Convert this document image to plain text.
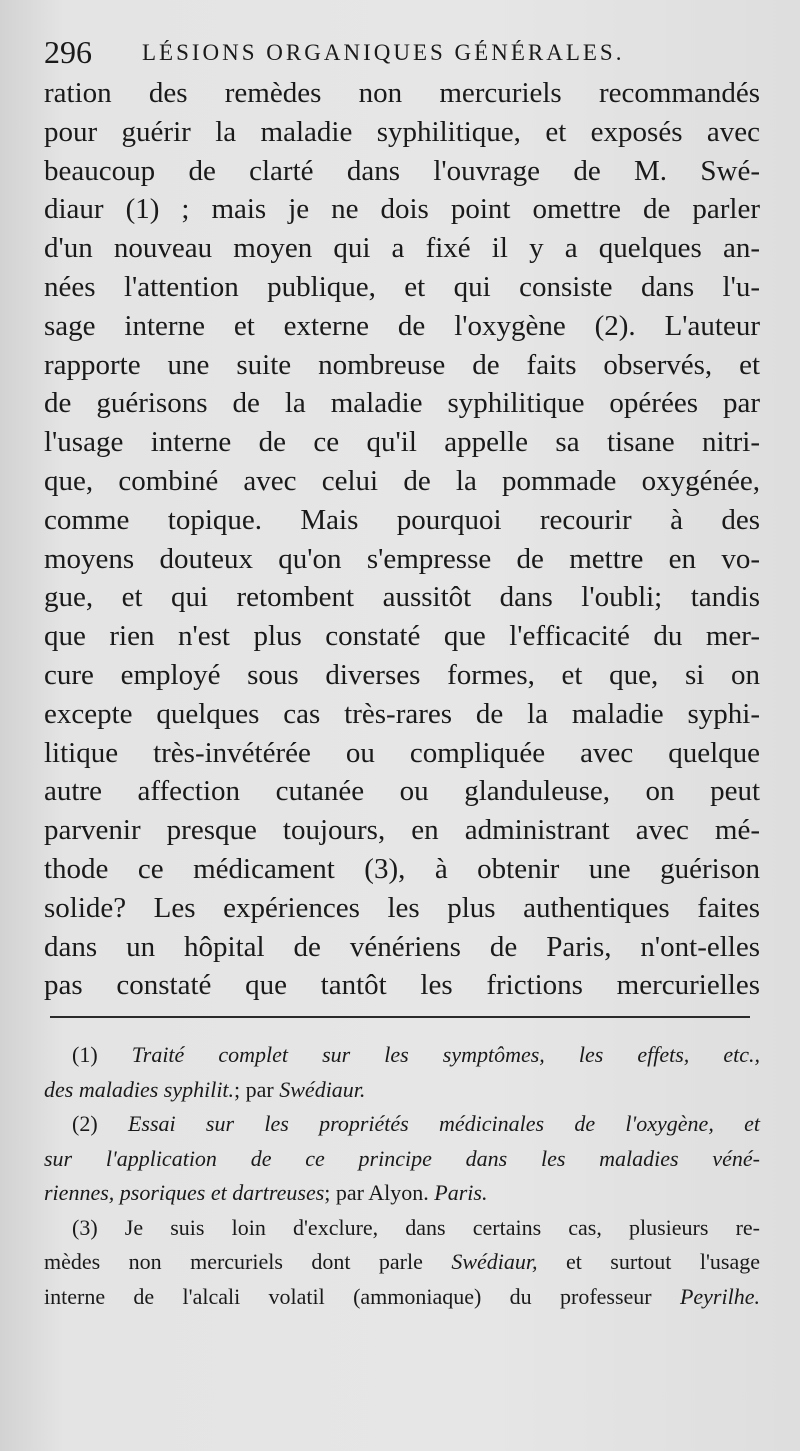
296 LÉSIONS ORGANIQUES GÉNÉRALES.
ration des remèdes non mercuriels recommandés
pour guérir la maladie syphilitique, et exposés avec
beaucoup de clarté dans l'ouvrage de M. Swé-
diaur (1) ; mais je ne dois point omettre de parler
d'un nouveau moyen qui a fixé il y a quelques an-
nées l'attention publique, et qui consiste dans l'u-
sage interne et externe de l'oxygène (2). L'auteur
rapporte une suite nombreuse de faits observés, et
de guérisons de la maladie syphilitique opérées par
l'usage interne de ce qu'il appelle sa tisane nitri-
que, combiné avec celui de la pommade oxygénée,
comme topique. Mais pourquoi recourir à des
moyens douteux qu'on s'empresse de mettre en vo-
gue, et qui retombent aussitôt dans l'oubli; tandis
que rien n'est plus constaté que l'efficacité du mer-
cure employé sous diverses formes, et que, si on
excepte quelques cas très-rares de la maladie syphi-
litique très-invétérée ou compliquée avec quelque
autre affection cutanée ou glanduleuse, on peut
parvenir presque toujours, en administrant avec mé-
thode ce médicament (3), à obtenir une guérison
solide? Les expériences les plus authentiques faites
dans un hôpital de vénériens de Paris, n'ont-elles
pas constaté que tantôt les frictions mercurielles
(1) Traité complet sur les symptômes, les effets, etc.,
des maladies syphilit.; par Swédiaur.
(2) Essai sur les propriétés médicinales de l'oxygène, et
sur l'application de ce principe dans les maladies véné-
riennes, psoriques et dartreuses; par Alyon. Paris.
(3) Je suis loin d'exclure, dans certains cas, plusieurs re-
mèdes non mercuriels dont parle Swédiaur, et surtout l'usage
interne de l'alcali volatil (ammoniaque) du professeur Peyrilhe.
